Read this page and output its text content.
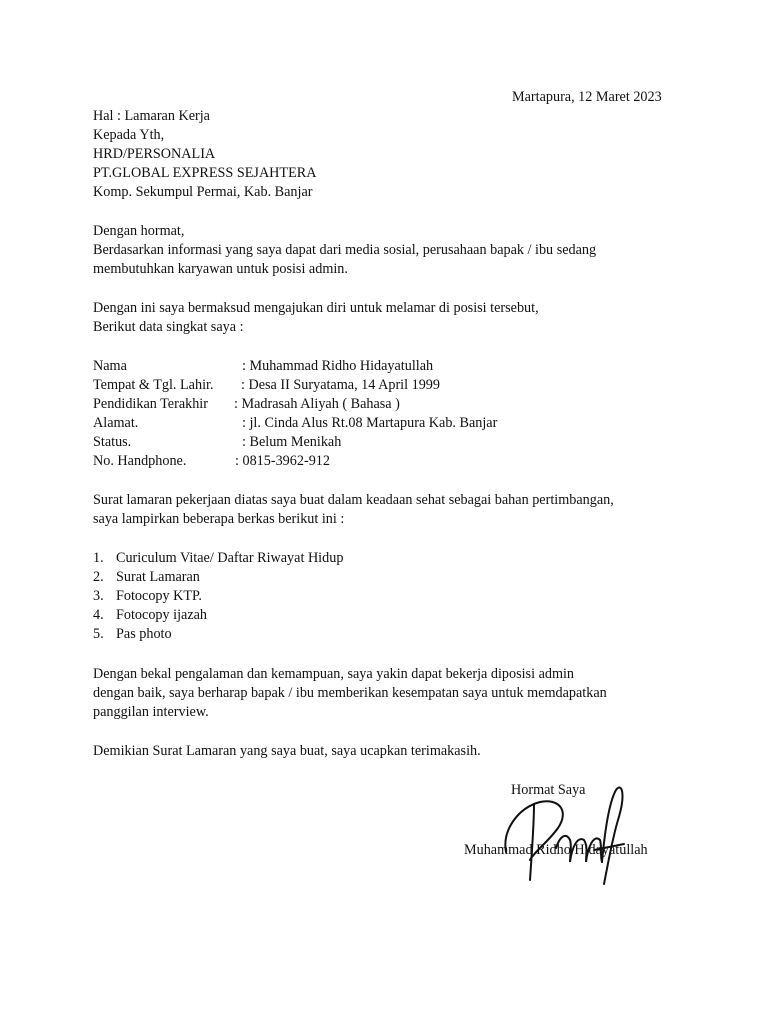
Martapura, 12 Maret 2023
Hal : Lamaran Kerja
Kepada Yth,
HRD/PERSONALIA
PT.GLOBAL EXPRESS SEJAHTERA
Komp. Sekumpul Permai, Kab. Banjar
Dengan hormat,
Berdasarkan informasi yang saya dapat dari media sosial, perusahaan bapak / ibu sedang
membutuhkan karyawan untuk posisi admin.
Dengan ini saya bermaksud mengajukan diri untuk melamar di posisi tersebut,
Berikut data singkat saya :
Nama	: Muhammad Ridho Hidayatullah
Tempat & Tgl. Lahir. : Desa II Suryatama, 14 April 1999
Pendidikan Terakhir : Madrasah Aliyah ( Bahasa )
Alamat.	: jl. Cinda Alus Rt.08 Martapura Kab. Banjar
Status.	: Belum Menikah
No. Handphone.	: 0815-3962-912
Surat lamaran pekerjaan diatas saya buat dalam keadaan sehat sebagai bahan pertimbangan,
saya lampirkan beberapa berkas berikut ini :
1. Curiculum Vitae/ Daftar Riwayat Hidup
2. Surat Lamaran
3. Fotocopy KTP.
4. Fotocopy ijazah
5. Pas photo
Dengan bekal pengalaman dan kemampuan, saya yakin dapat bekerja diposisi admin
dengan baik, saya berharap bapak / ibu memberikan kesempatan saya untuk memdapatkan
panggilan interview.
Demikian Surat Lamaran yang saya buat, saya ucapkan terimakasih.
Hormat Saya
Muhammad Ridho Hidayatullah
